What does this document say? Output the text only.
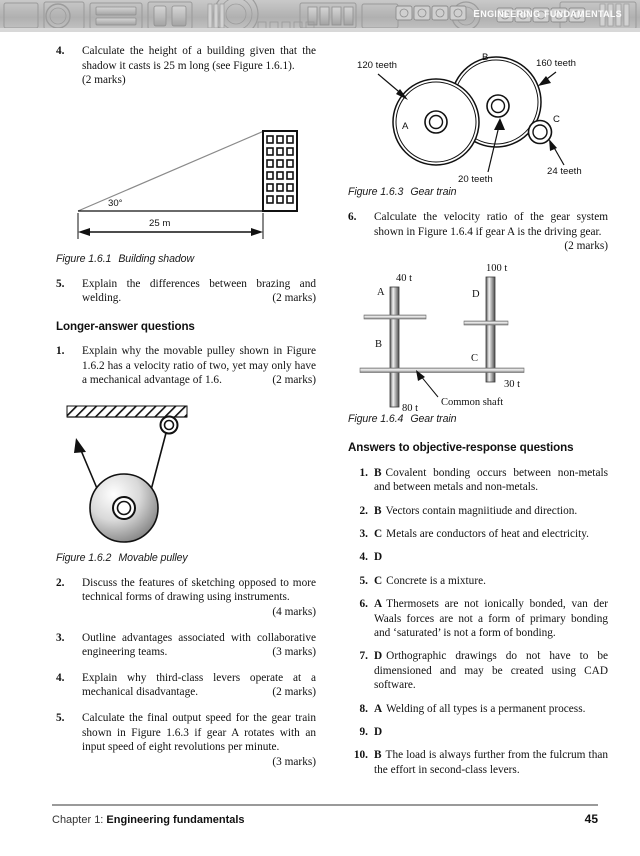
engineering fundamentals
4.	Calculate the height of a building given that the shadow it casts is 25 m long (see Figure 1.6.1).
(2 marks)
30°
25 m
Figure 1.6.1 Building shadow
5.	Explain the differences between brazing and welding.	(2 marks)
Longer-answer questions
1.	Explain why the movable pulley shown in Figure 1.6.2 has a velocity ratio of two, yet may only have a mechanical advantage of 1.6.	(2 marks)
Figure 1.6.2 Movable pulley
2.	Discuss the features of sketching opposed to more technical forms of drawing using instruments.
(4 marks)
3.	Outline advantages associated with collaborative engineering teams.	(3 marks)
4.	Explain why third-class levers operate at a mechanical disadvantage.	(2 marks)
5.	Calculate the final output speed for the gear train shown in Figure 1.6.3 if gear A rotates with an input speed of eight revolutions per minute.
(3 marks)
B
A
C
120 teeth	160 teeth
24 teeth
20 teeth
Figure 1.6.3 Gear train
6.	Calculate the velocity ratio of the gear system shown in Figure 1.6.4 if gear A is the driving gear.
(2 marks)
A
B
C
D
40 t
80 t
30 t
100 t
Common shaft
Figure 1.6.4 Gear train
Answers to objective-response questions
1. B Covalent bonding occurs between non-metals and between metals and non-metals.
2. B Vectors contain magniitiude and direction.
3. C Metals are conductors of heat and electricity.
4. D
5. C Concrete is a mixture.
6. A Thermosets are not ionically bonded, van der Waals forces are not a form of primary bonding and ‘saturated’ is not a form of bonding.
7. D Orthographic drawings do not have to be dimensioned and may be created using CAD software.
8. A Welding of all types is a permanent process.
9. D
10. B The load is always further from the fulcrum than the effort in second-class levers.
Chapter 1: Engineering fundamentals	45
